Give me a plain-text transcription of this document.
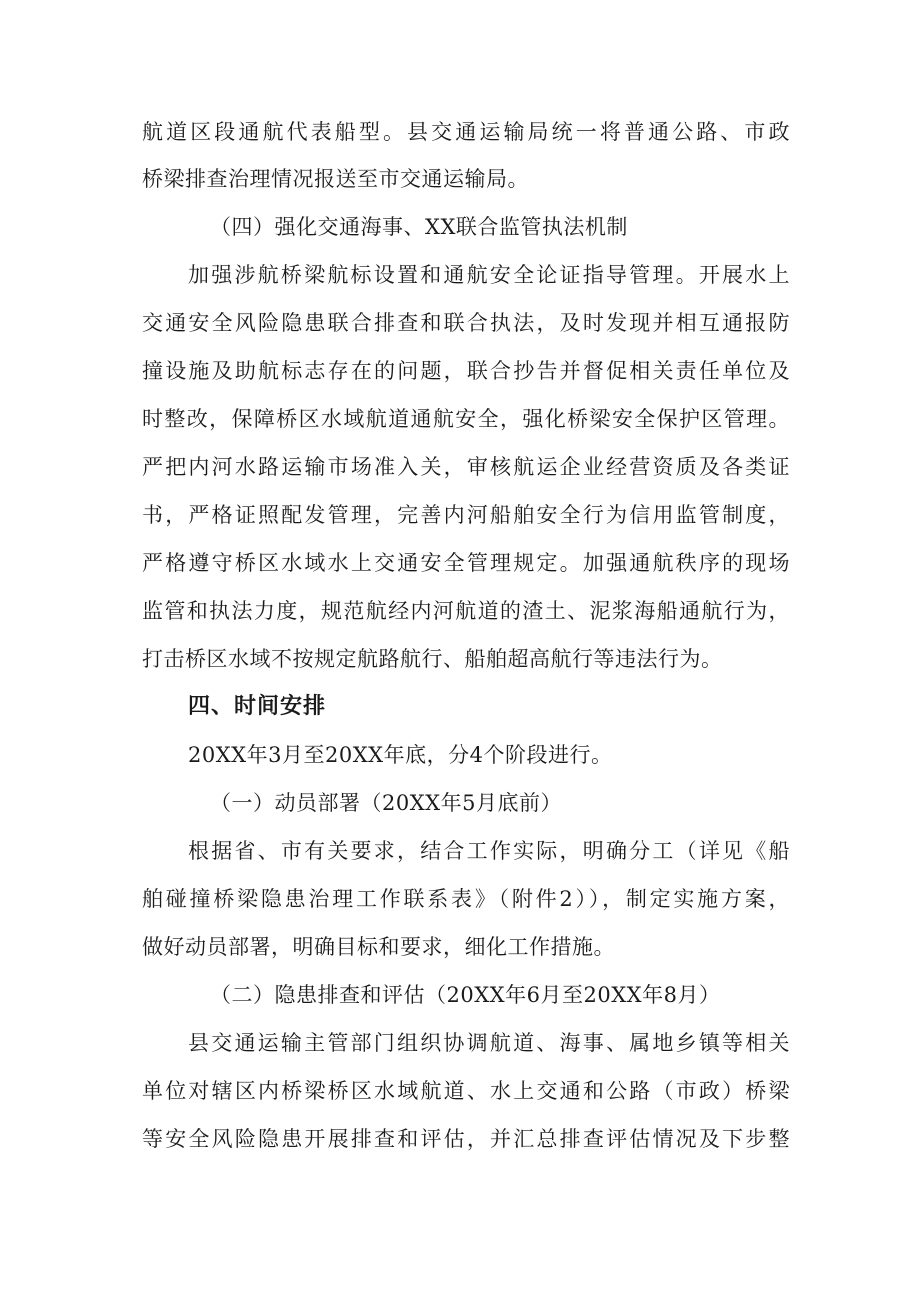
航道区段通航代表船型。县交通运输局统一将普通公路、市政
桥梁排查治理情况报送至市交通运输局。
（四）强化交通海事、XX联合监管执法机制
加强涉航桥梁航标设置和通航安全论证指导管理。开展水上
交通安全风险隐患联合排查和联合执法，及时发现并相互通报防
撞设施及助航标志存在的问题，联合抄告并督促相关责任单位及
时整改，保障桥区水域航道通航安全，强化桥梁安全保护区管理。
严把内河水路运输市场准入关，审核航运企业经营资质及各类证
书，严格证照配发管理，完善内河船舶安全行为信用监管制度，
严格遵守桥区水域水上交通安全管理规定。加强通航秩序的现场
监管和执法力度，规范航经内河航道的渣土、泥浆海船通航行为，
打击桥区水域不按规定航路航行、船舶超高航行等违法行为。
四、时间安排
20XX年3月至20XX年底，分4个阶段进行。
（一）动员部署（20XX年5月底前）
根据省、市有关要求，结合工作实际，明确分工（详见《船
舶碰撞桥梁隐患治理工作联系表》（附件2）），制定实施方案，
做好动员部署，明确目标和要求，细化工作措施。
（二）隐患排查和评估（20XX年6月至20XX年8月）
县交通运输主管部门组织协调航道、海事、属地乡镇等相关
单位对辖区内桥梁桥区水域航道、水上交通和公路（市政）桥梁
等安全风险隐患开展排查和评估，并汇总排查评估情况及下步整
